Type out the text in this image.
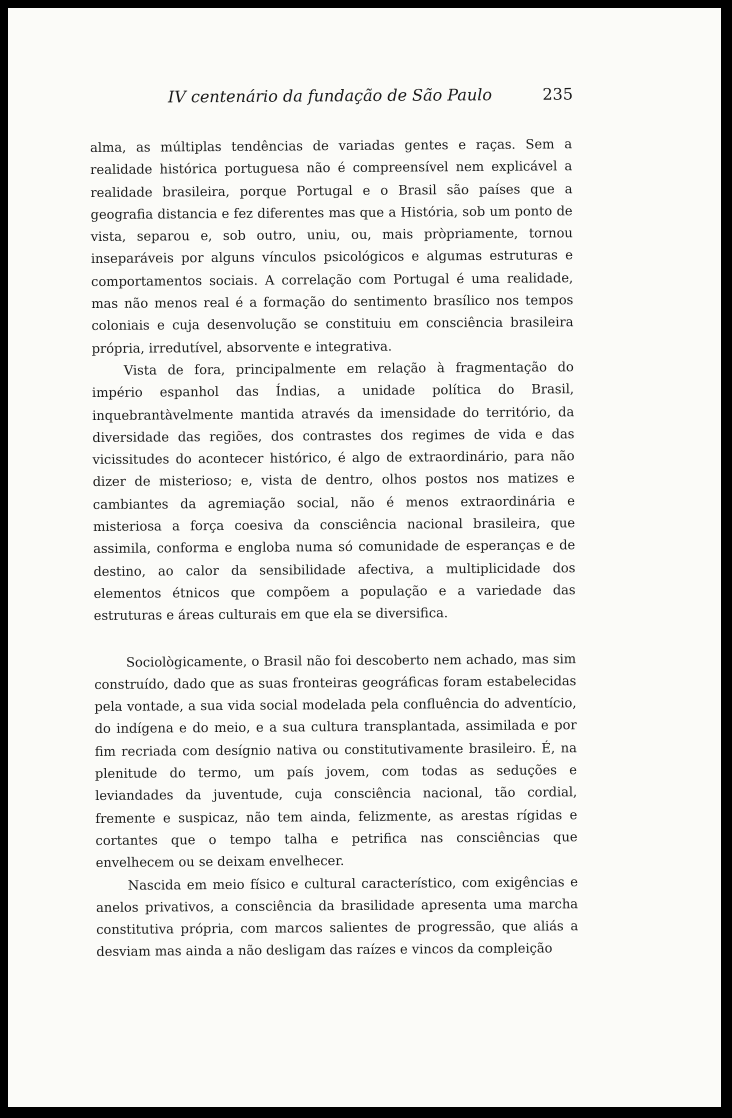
IV centenário da fundação de São Paulo	235

alma, as múltiplas tendências de variadas gentes e raças. Sem a realidade histórica portuguesa não é compreensível nem explicável a realidade brasileira, porque Portugal e o Brasil são países que a geografia distancia e fez diferentes mas que a História, sob um ponto de vista, separou e, sob outro, uniu, ou, mais pròpriamente, tornou inseparáveis por alguns vínculos psicológicos e algumas estruturas e comportamentos sociais. A correlação com Portugal é uma realidade, mas não menos real é a formação do sentimento brasílico nos tempos coloniais e cuja desenvolução se constituiu em consciência brasileira própria, irredutível, absorvente e integrativa.

Vista de fora, principalmente em relação à fragmentação do império espanhol das Índias, a unidade política do Brasil, inquebrantàvelmente mantida através da imensidade do território, da diversidade das regiões, dos contrastes dos regimes de vida e das vicissitudes do acontecer histórico, é algo de extraordinário, para não dizer de misterioso; e, vista de dentro, olhos postos nos matizes e cambiantes da agremiação social, não é menos extraordinária e misteriosa a força coesiva da consciência nacional brasileira, que assimila, conforma e engloba numa só comunidade de esperanças e de destino, ao calor da sensibilidade afectiva, a multiplicidade dos elementos étnicos que compõem a população e a variedade das estruturas e áreas culturais em que ela se diversifica.

Sociològicamente, o Brasil não foi descoberto nem achado, mas sim construído, dado que as suas fronteiras geográficas foram estabelecidas pela vontade, a sua vida social modelada pela confluência do adventício, do indígena e do meio, e a sua cultura transplantada, assimilada e por fim recriada com desígnio nativa ou constitutivamente brasileiro. É, na plenitude do termo, um país jovem, com todas as seduções e leviandades da juventude, cuja consciência nacional, tão cordial, fremente e suspicaz, não tem ainda, felizmente, as arestas rígidas e cortantes que o tempo talha e petrifica nas consciências que envelhecem ou se deixam envelhecer.

Nascida em meio físico e cultural característico, com exigências e anelos privativos, a consciência da brasilidade apresenta uma marcha constitutiva própria, com marcos salientes de progressão, que aliás a desviam mas ainda a não desligam das raízes e vincos da compleição
